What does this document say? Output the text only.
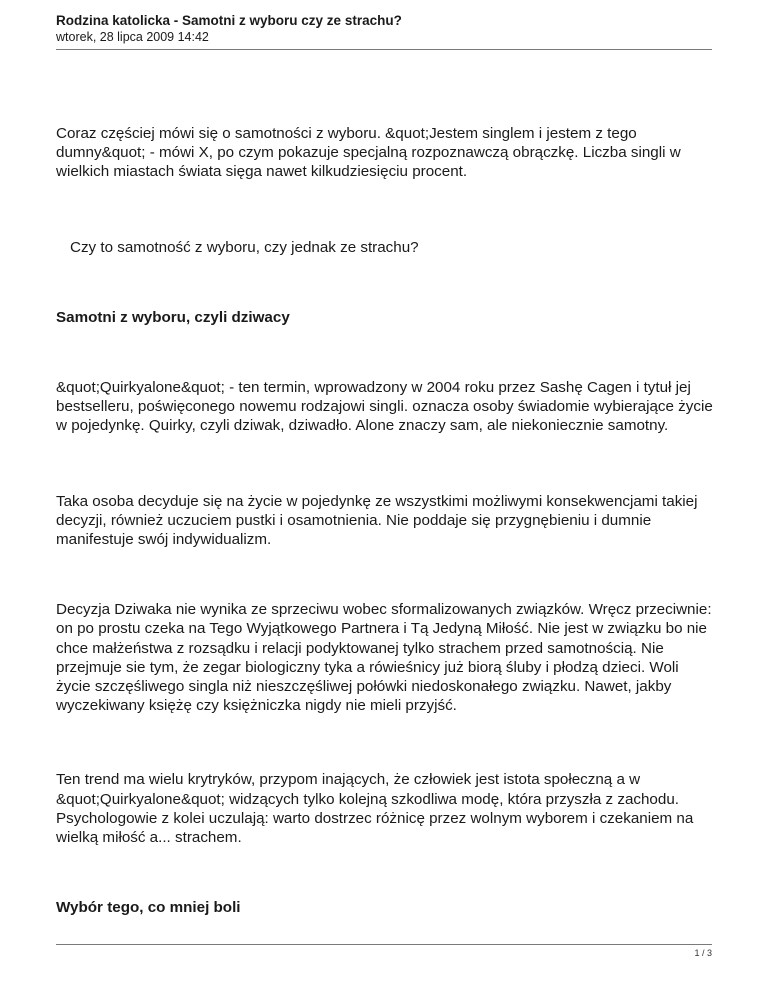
Rodzina katolicka - Samotni z wyboru czy ze strachu?
wtorek, 28 lipca 2009 14:42

Coraz częściej mówi się o samotności z wyboru. &quot;Jestem singlem i jestem z tego dumny&quot; - mówi X, po czym pokazuje specjalną rozpoznawczą obrączkę. Liczba singli w wielkich miastach świata sięga nawet kilkudziesięciu procent.

Czy to samotność z wyboru, czy jednak ze strachu?

Samotni z wyboru, czyli dziwacy

&quot;Quirkyalone&quot; - ten termin, wprowadzony w 2004 roku przez Sashę Cagen i tytuł jej bestselleru, poświęconego nowemu rodzajowi singli. oznacza osoby świadomie wybierające życie w pojedynkę. Quirky, czyli dziwak, dziwadło. Alone znaczy sam, ale niekoniecznie samotny.

Taka osoba decyduje się na życie w pojedynkę ze wszystkimi możliwymi konsekwencjami takiej decyzji, również uczuciem pustki i osamotnienia. Nie poddaje się przygnębieniu i dumnie manifestuje swój indywidualizm.

Decyzja Dziwaka nie wynika ze sprzeciwu wobec sformalizowanych związków. Wręcz przeciwnie: on po prostu czeka na Tego Wyjątkowego Partnera i Tą Jedyną Miłość. Nie jest w związku bo nie chce małżeństwa z rozsądku i relacji podyktowanej tylko strachem przed samotnością. Nie przejmuje sie tym, że zegar biologiczny tyka a rówieśnicy już biorą śluby i płodzą dzieci. Woli życie szczęśliwego singla niż nieszczęśliwej połówki niedoskonałego związku. Nawet, jakby wyczekiwany księżę czy księżniczka nigdy nie mieli przyjść.

Ten trend ma wielu krytryków, przypom inających, że człowiek jest istota społeczną a w &quot;Quirkyalone&quot; widzących tylko kolejną szkodliwa modę, która przyszła z zachodu. Psychologowie z kolei uczulają: warto dostrzec różnicę przez wolnym wyborem i czekaniem na wielką miłość a... strachem.

Wybór tego, co mniej boli

1 / 3
